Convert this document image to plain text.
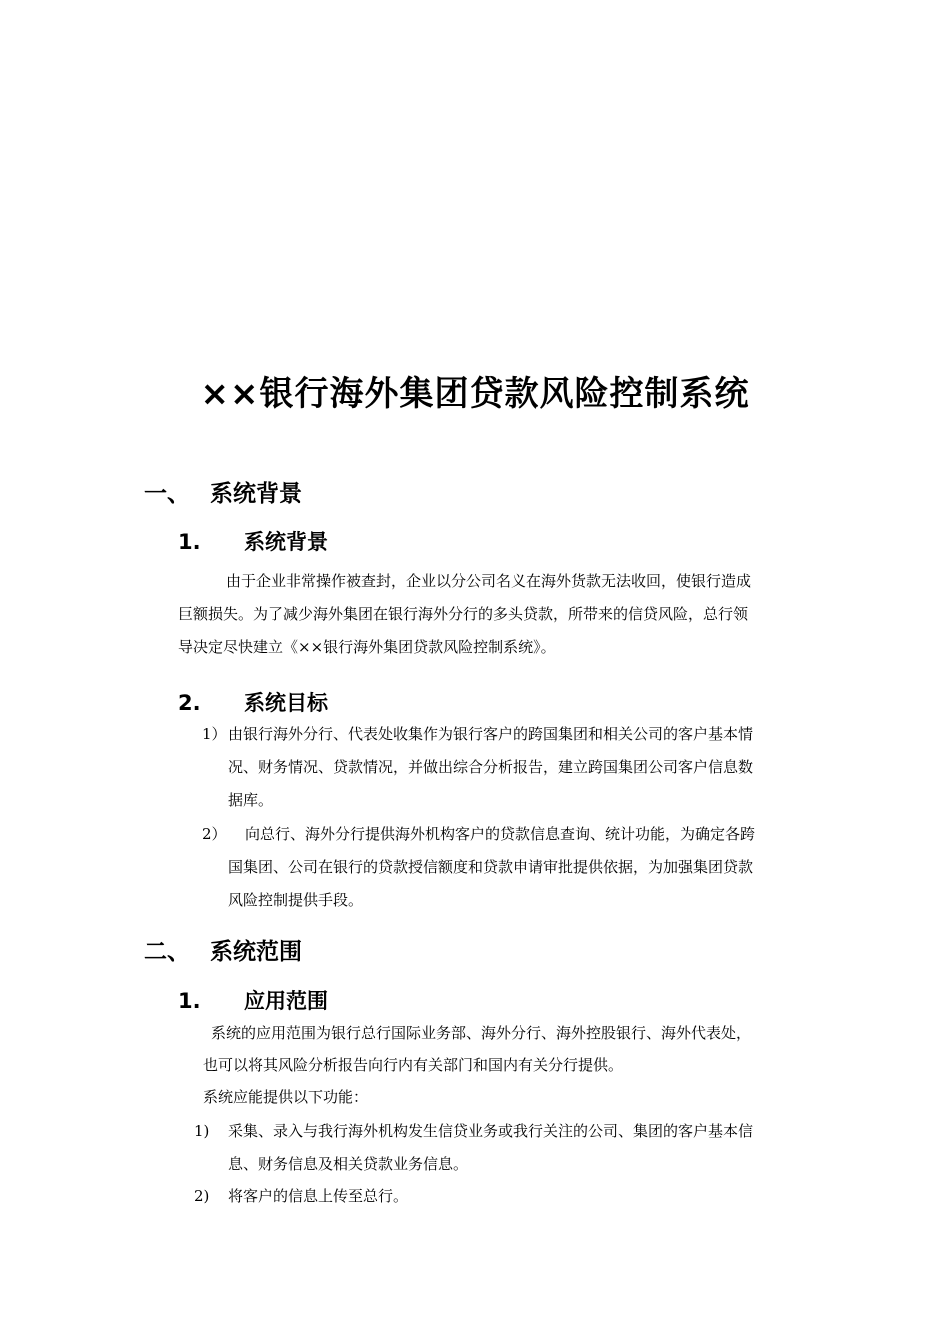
××银行海外集团贷款风险控制系统
一、 系统背景
1. 系统背景
由于企业非常操作被查封，企业以分公司名义在海外货款无法收回，使银行造成
巨额损失。为了减少海外集团在银行海外分行的多头贷款，所带来的信贷风险，总行领
导决定尽快建立《××银行海外集团贷款风险控制系统》。
2. 系统目标
1） 由银行海外分行、代表处收集作为银行客户的跨国集团和相关公司的客户基本情
况、财务情况、贷款情况，并做出综合分析报告，建立跨国集团公司客户信息数
据库。
2）	向总行、海外分行提供海外机构客户的贷款信息查询、统计功能，为确定各跨
国集团、公司在银行的贷款授信额度和贷款申请审批提供依据，为加强集团贷款
风险控制提供手段。
二、 系统范围
1. 应用范围
系统的应用范围为银行总行国际业务部、海外分行、海外控股银行、海外代表处，
也可以将其风险分析报告向行内有关部门和国内有关分行提供。
系统应能提供以下功能：
1) 采集、录入与我行海外机构发生信贷业务或我行关注的公司、集团的客户基本信
息、财务信息及相关贷款业务信息。
2) 将客户的信息上传至总行。
